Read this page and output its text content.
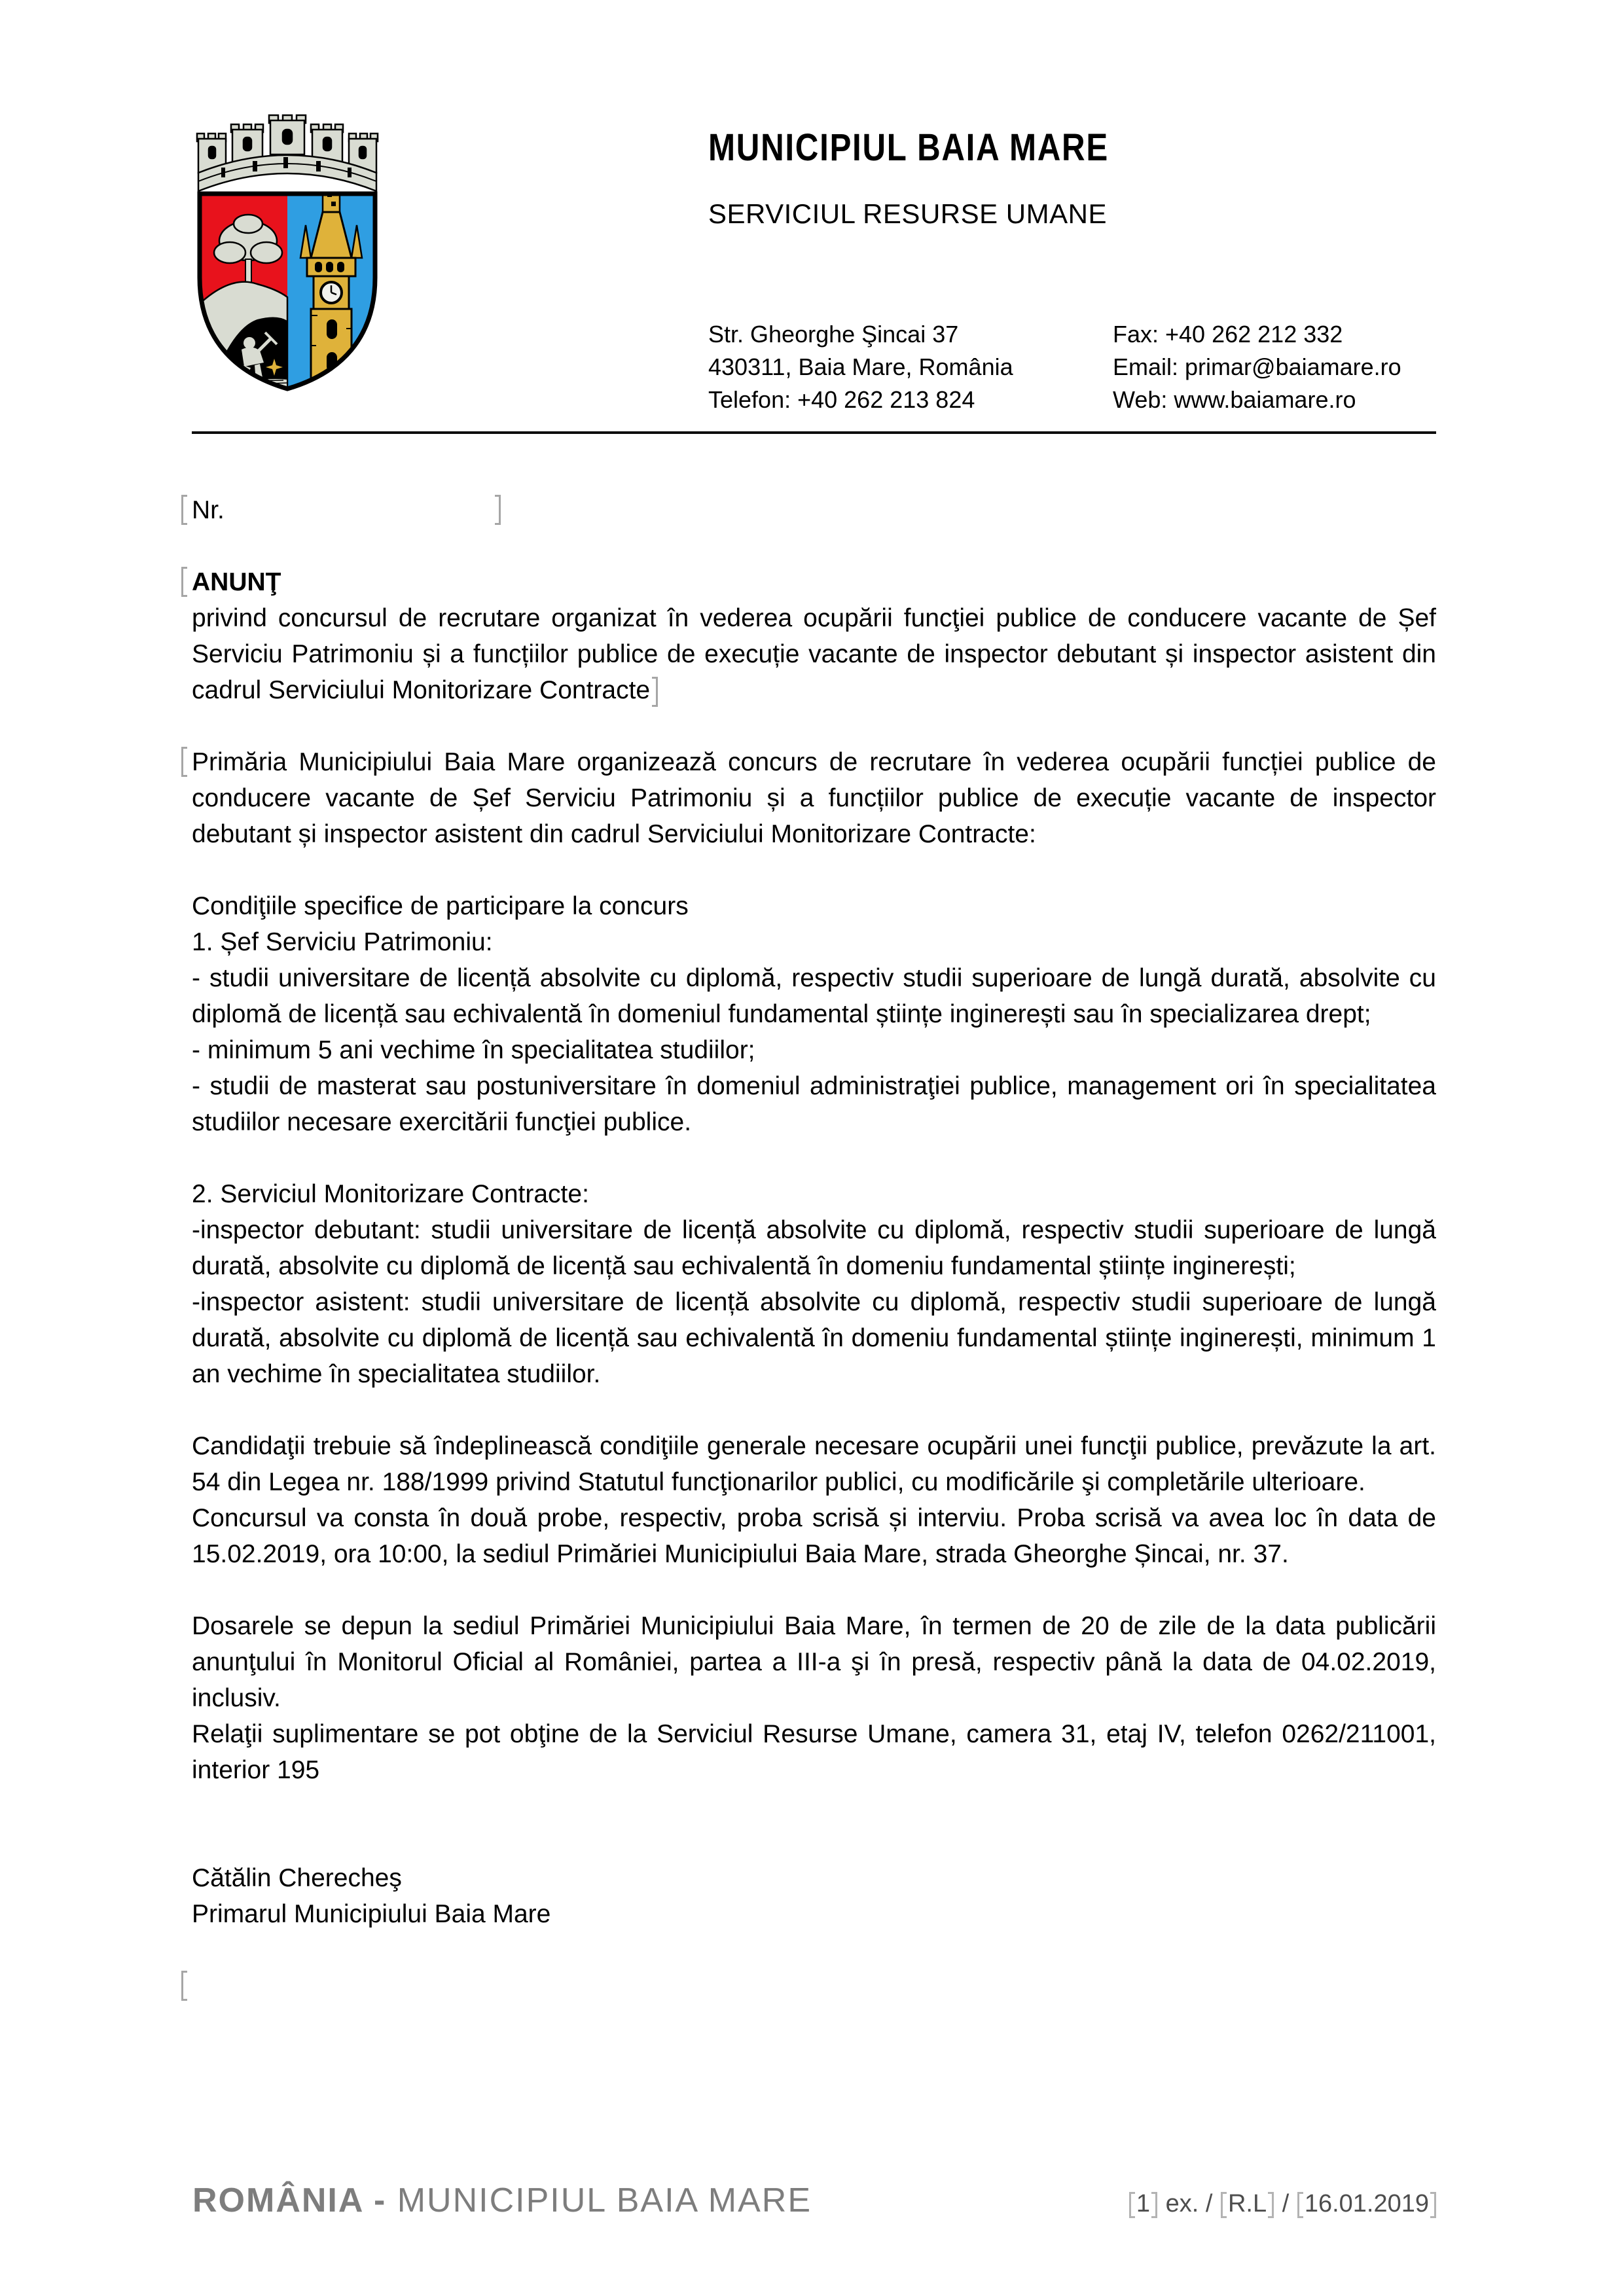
MUNICIPIUL BAIA MARE
SERVICIUL RESURSE UMANE
Str. Gheorghe Şincai 37
430311, Baia Mare, România
Telefon: +40 262 213 824
Fax: +40 262 212 332
Email: primar@baiamare.ro
Web: www.baiamare.ro

Nr.

ANUNŢ

privind concursul de recrutare organizat în vederea ocupării funcţiei publice de conducere vacante de Șef Serviciu Patrimoniu și a funcțiilor publice de execuție vacante de inspector debutant și inspector asistent din cadrul Serviciului Monitorizare Contracte

Primăria Municipiului Baia Mare organizează concurs de recrutare în vederea ocupării funcției publice de conducere vacante de Șef Serviciu Patrimoniu și a funcțiilor publice de execuție vacante de inspector debutant și inspector asistent din cadrul Serviciului Monitorizare Contracte:

Condiţiile specifice de participare la concurs

1. Șef Serviciu Patrimoniu:

- studii universitare de licență absolvite cu diplomă, respectiv studii superioare de lungă durată, absolvite cu diplomă de licență sau echivalentă în domeniul fundamental științe inginerești sau în specializarea drept;

- minimum 5 ani vechime în specialitatea studiilor;

- studii de masterat sau postuniversitare în domeniul administraţiei publice, management ori în specialitatea studiilor necesare exercitării funcţiei publice.

2. Serviciul Monitorizare Contracte:

-inspector debutant: studii universitare de licență absolvite cu diplomă, respectiv studii superioare de lungă durată, absolvite cu diplomă de licență sau echivalentă în domeniu fundamental științe inginerești;

-inspector asistent: studii universitare de licență absolvite cu diplomă, respectiv studii superioare de lungă durată, absolvite cu diplomă de licență sau echivalentă în domeniu fundamental științe inginerești, minimum 1 an vechime în specialitatea studiilor.

Candidaţii trebuie să îndeplinească condiţiile generale necesare ocupării unei funcţii publice, prevăzute la art. 54 din Legea nr. 188/1999 privind Statutul funcţionarilor publici, cu modificările şi completările ulterioare.

Concursul va consta în două probe, respectiv, proba scrisă și interviu. Proba scrisă va avea loc în data de 15.02.2019, ora 10:00, la sediul Primăriei Municipiului Baia Mare, strada Gheorghe Șincai, nr. 37.

Dosarele se depun la sediul Primăriei Municipiului Baia Mare, în termen de 20 de zile de la data publicării anunţului în Monitorul Oficial al României, partea a III-a şi în presă, respectiv până la data de 04.02.2019, inclusiv.

Relaţii suplimentare se pot obţine de la Serviciul Resurse Umane, camera 31, etaj IV, telefon 0262/211001, interior 195

Cătălin Cherecheş

Primarul Municipiului Baia Mare

ROMÂNIA - MUNICIPIUL BAIA MARE	1 ex. / R.L / 16.01.2019
